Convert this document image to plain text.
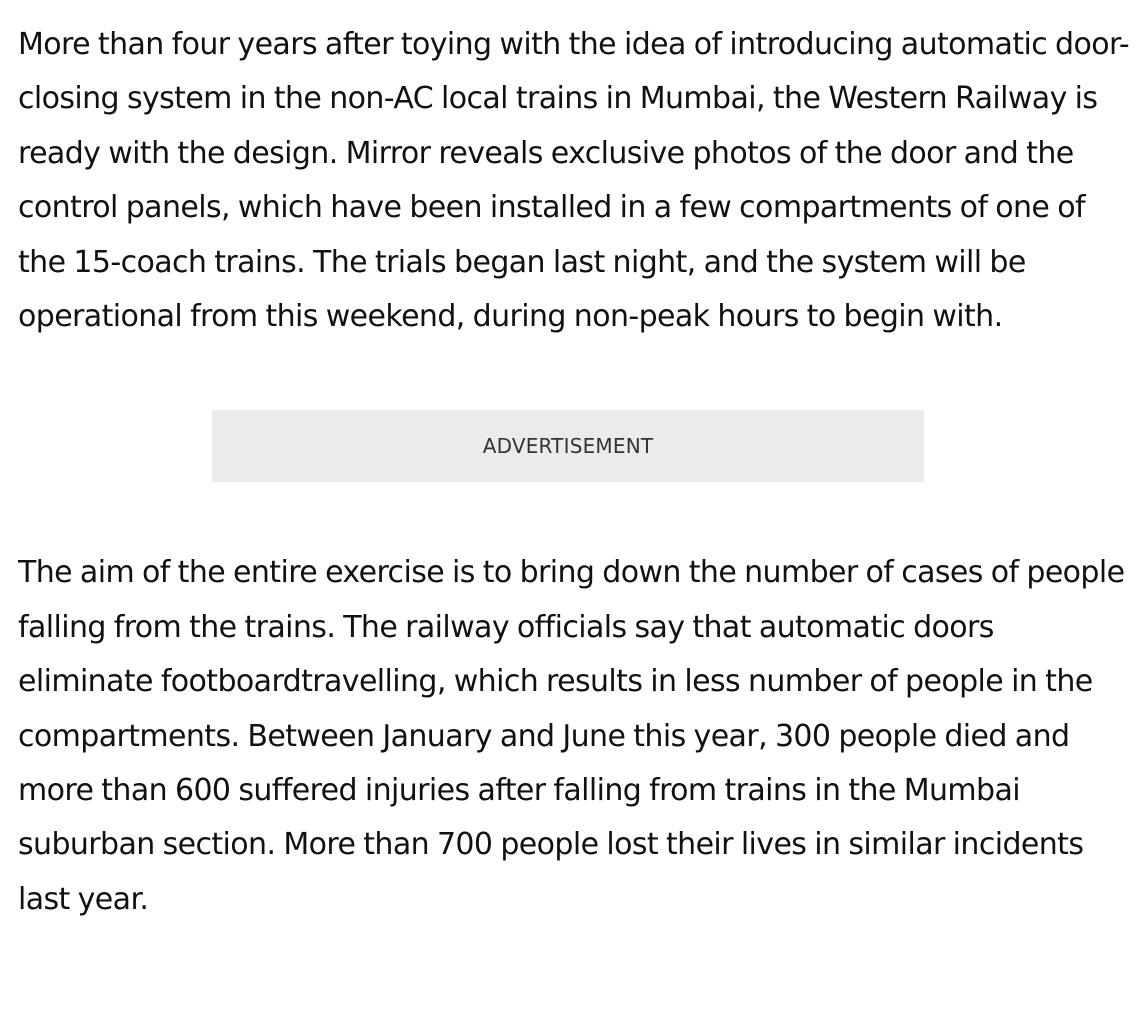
More than four years after toying with the idea of introducing automatic door-closing system in the non-AC local trains in Mumbai, the Western Railway is ready with the design. Mirror reveals exclusive photos of the door and the control panels, which have been installed in a few compartments of one of the 15-coach trains. The trials began last night, and the system will be operational from this weekend, during non-peak hours to begin with.

ADVERTISEMENT

The aim of the entire exercise is to bring down the number of cases of people falling from the trains. The railway officials say that automatic doors eliminate footboardtravelling, which results in less number of people in the compartments. Between January and June this year, 300 people died and more than 600 suffered injuries after falling from trains in the Mumbai suburban section. More than 700 people lost their lives in similar incidents last year.
